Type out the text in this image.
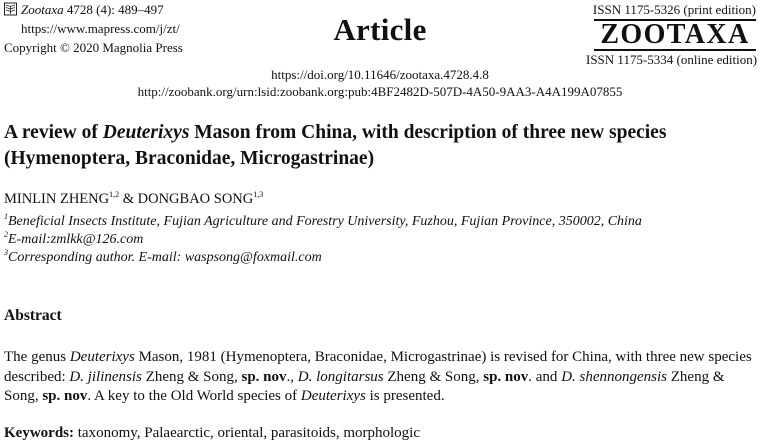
Zootaxa 4728 (4): 489–497
https://www.mapress.com/j/zt/
Copyright © 2020 Magnolia Press
Article
ISSN 1175-5326 (print edition)
ZOOTAXA
ISSN 1175-5334 (online edition)
https://doi.org/10.11646/zootaxa.4728.4.8
http://zoobank.org/urn:lsid:zoobank.org:pub:4BF2482D-507D-4A50-9AA3-A4A199A07855
A review of Deuterixys Mason from China, with description of three new species (Hymenoptera, Braconidae, Microgastrinae)
MINLIN ZHENG$^{1,2}$ & DONGBAO SONG$^{1,3}$
$^1$Beneficial Insects Institute, Fujian Agriculture and Forestry University, Fuzhou, Fujian Province, 350002, China
$^2$E-mail:zmlkk@126.com
$^3$Corresponding author. E-mail: waspsong@foxmail.com
Abstract
The genus Deuterixys Mason, 1981 (Hymenoptera, Braconidae, Microgastrinae) is revised for China, with three new species described: D. jilinensis Zheng & Song, sp. nov., D. longitarsus Zheng & Song, sp. nov. and D. shennongensis Zheng & Song, sp. nov. A key to the Old World species of Deuterixys is presented.
Keywords: taxonomy, Palaearctic, oriental, parasitoids, morphologic
